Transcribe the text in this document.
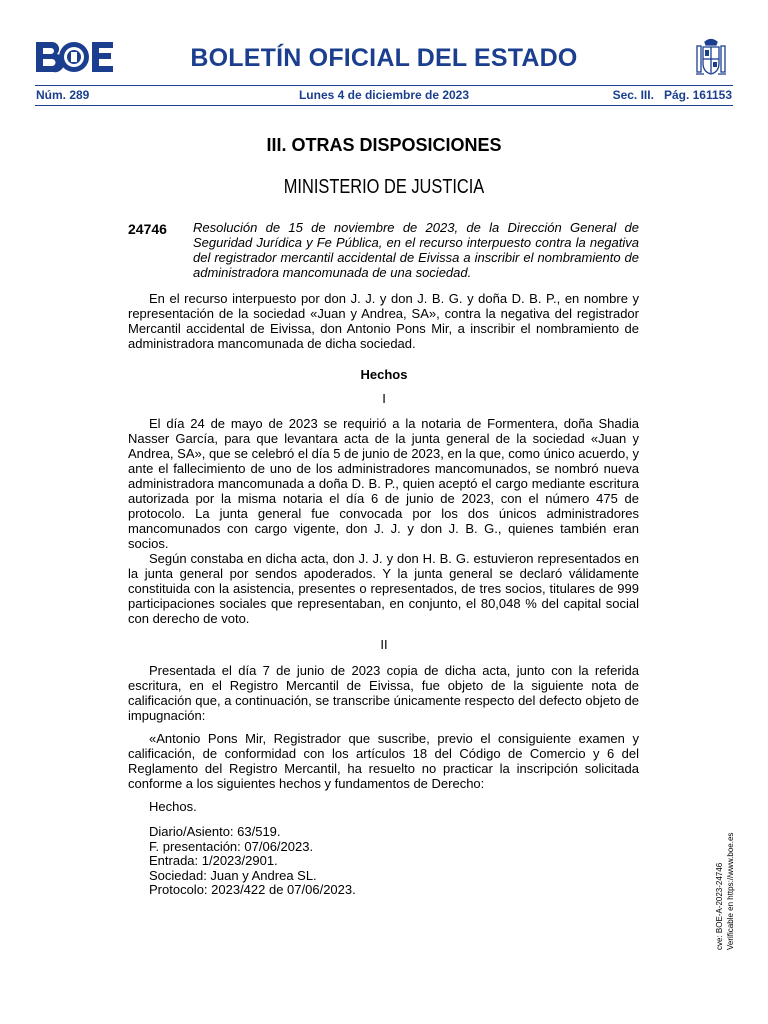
BOLETÍN OFICIAL DEL ESTADO
Núm. 289	Lunes 4 de diciembre de 2023	Sec. III. Pág. 161153
III. OTRAS DISPOSICIONES
MINISTERIO DE JUSTICIA
24746 Resolución de 15 de noviembre de 2023, de la Dirección General de Seguridad Jurídica y Fe Pública, en el recurso interpuesto contra la negativa del registrador mercantil accidental de Eivissa a inscribir el nombramiento de administradora mancomunada de una sociedad.

En el recurso interpuesto por don J. J. y don J. B. G. y doña D. B. P., en nombre y representación de la sociedad «Juan y Andrea, SA», contra la negativa del registrador Mercantil accidental de Eivissa, don Antonio Pons Mir, a inscribir el nombramiento de administradora mancomunada de dicha sociedad.

Hechos
I

El día 24 de mayo de 2023 se requirió a la notaria de Formentera, doña Shadia Nasser García, para que levantara acta de la junta general de la sociedad «Juan y Andrea, SA», que se celebró el día 5 de junio de 2023, en la que, como único acuerdo, y ante el fallecimiento de uno de los administradores mancomunados, se nombró nueva administradora mancomunada a doña D. B. P., quien aceptó el cargo mediante escritura autorizada por la misma notaria el día 6 de junio de 2023, con el número 475 de protocolo. La junta general fue convocada por los dos únicos administradores mancomunados con cargo vigente, don J. J. y don J. B. G., quienes también eran socios.

Según constaba en dicha acta, don J. J. y don H. B. G. estuvieron representados en la junta general por sendos apoderados. Y la junta general se declaró válidamente constituida con la asistencia, presentes o representados, de tres socios, titulares de 999 participaciones sociales que representaban, en conjunto, el 80,048 % del capital social con derecho de voto.

II

Presentada el día 7 de junio de 2023 copia de dicha acta, junto con la referida escritura, en el Registro Mercantil de Eivissa, fue objeto de la siguiente nota de calificación que, a continuación, se transcribe únicamente respecto del defecto objeto de impugnación:

«Antonio Pons Mir, Registrador que suscribe, previo el consiguiente examen y calificación, de conformidad con los artículos 18 del Código de Comercio y 6 del Reglamento del Registro Mercantil, ha resuelto no practicar la inscripción solicitada conforme a los siguientes hechos y fundamentos de Derecho:

Hechos.
Diario/Asiento: 63/519.
F. presentación: 07/06/2023.
Entrada: 1/2023/2901.
Sociedad: Juan y Andrea SL.
Protocolo: 2023/422 de 07/06/2023.	cve: BOE-A-2023-24746 Verificable en https://www.boe.es
